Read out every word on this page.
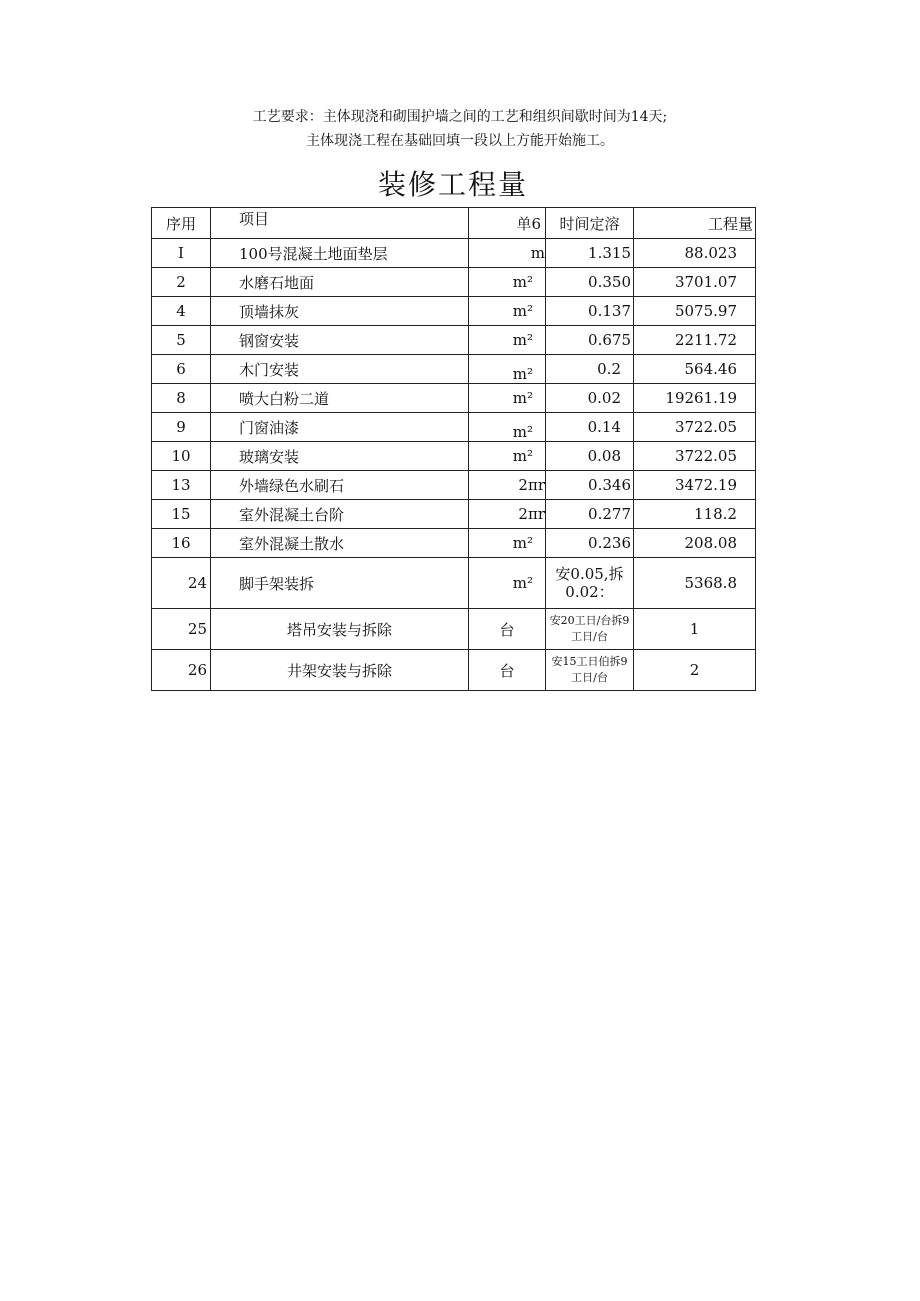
工艺要求：主体现浇和砌围护墙之间的工艺和组织间歇时间为14天;
主体现浇工程在基础回填一段以上方能开始施工。
装修工程量
序用	项目	单6	时间定溶	工程量
I	100号混凝土地面垫层	m	1.315	88.023
2	水磨石地面	m²	0.350	3701.07
4	顶墙抹灰	m²	0.137	5075.97
5	钢窗安装	m²	0.675	2211.72
6	木门安装	m²	0.2	564.46
8	喷大白粉二道	m²	0.02	19261.19
9	门窗油漆	m²	0.14	3722.05
10	玻璃安装	m²	0.08	3722.05
13	外墙绿色水刷石	2πr	0.346	3472.19
15	室外混凝土台阶	2πr	0.277	118.2
16	室外混凝土散水	m²	0.236	208.08
24	脚手架装拆	m²	安0.05,拆0.02：	5368.8
25	塔吊安装与拆除	台	安20工日/台拆9工日/台	1
26	井架安装与拆除	台	安15工日伯拆9工日/台	2
